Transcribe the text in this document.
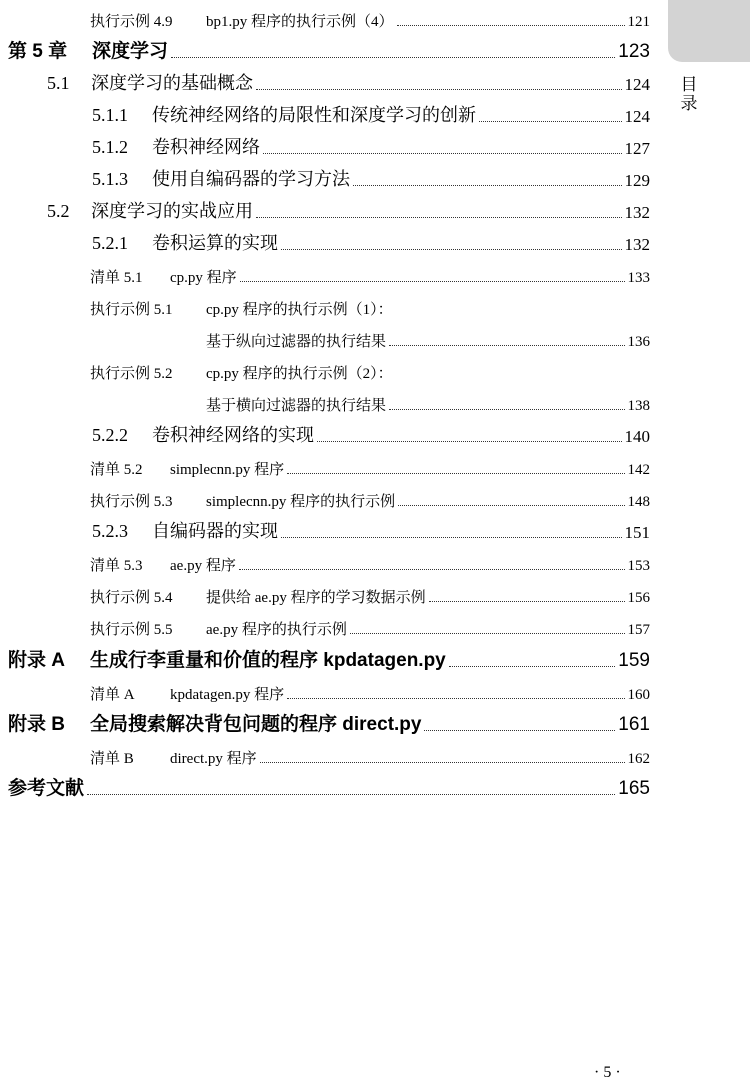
目录
执行示例 4.9 bp1.py 程序的执行示例（4）	121
第 5 章 深度学习	123
5.1 深度学习的基础概念	124
5.1.1 传统神经网络的局限性和深度学习的创新	124
5.1.2 卷积神经网络	127
5.1.3 使用自编码器的学习方法	129
5.2 深度学习的实战应用	132
5.2.1 卷积运算的实现	132
清单 5.1 cp.py 程序	133
执行示例 5.1 cp.py 程序的执行示例（1）：
基于纵向过滤器的执行结果	136
执行示例 5.2 cp.py 程序的执行示例（2）：
基于横向过滤器的执行结果	138
5.2.2 卷积神经网络的实现	140
清单 5.2 simplecnn.py 程序	142
执行示例 5.3 simplecnn.py 程序的执行示例	148
5.2.3 自编码器的实现	151
清单 5.3 ae.py 程序	153
执行示例 5.4 提供给 ae.py 程序的学习数据示例	156
执行示例 5.5 ae.py 程序的执行示例	157
附录 A 生成行李重量和价值的程序 kpdatagen.py	159
清单 A kpdatagen.py 程序	160
附录 B 全局搜索解决背包问题的程序 direct.py	161
清单 B direct.py 程序	162
参考文献	165
· 5 ·
